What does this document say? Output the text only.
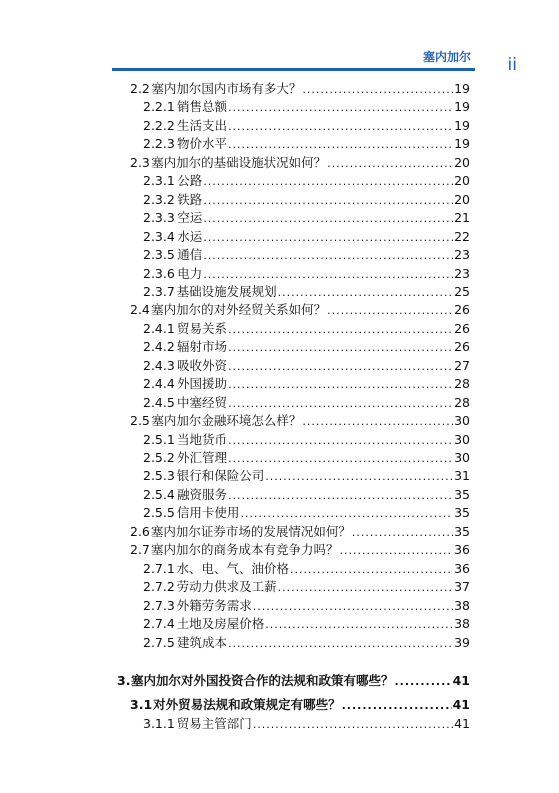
塞内加尔 ii
2.2 塞内加尔国内市场有多大？ .....	19
2.2.1 销售总额 .....	19
2.2.2 生活支出 .....	19
2.2.3 物价水平 .....	19
2.3 塞内加尔的基础设施状况如何？ .....	20
2.3.1 公路 .....	20
2.3.2 铁路 .....	20
2.3.3 空运 .....	21
2.3.4 水运 .....	22
2.3.5 通信 .....	23
2.3.6 电力 .....	23
2.3.7 基础设施发展规划 .....	25
2.4 塞内加尔的对外经贸关系如何？ .....	26
2.4.1 贸易关系 .....	26
2.4.2 辐射市场 .....	26
2.4.3 吸收外资 .....	27
2.4.4 外国援助 .....	28
2.4.5 中塞经贸 .....	28
2.5 塞内加尔金融环境怎么样？ .....	30
2.5.1 当地货币 .....	30
2.5.2 外汇管理 .....	30
2.5.3 银行和保险公司 .....	31
2.5.4 融资服务 .....	35
2.5.5 信用卡使用 .....	35
2.6 塞内加尔证券市场的发展情况如何？ .....	35
2.7 塞内加尔的商务成本有竞争力吗？ .....	36
2.7.1 水、电、气、油价格 .....	36
2.7.2 劳动力供求及工薪 .....	37
2.7.3 外籍劳务需求 .....	38
2.7.4 土地及房屋价格 .....	38
2.7.5 建筑成本 .....	39
3. 塞内加尔对外国投资合作的法规和政策有哪些？ .....	41
3.1 对外贸易法规和政策规定有哪些？ .....	41
3.1.1 贸易主管部门 .....	41
